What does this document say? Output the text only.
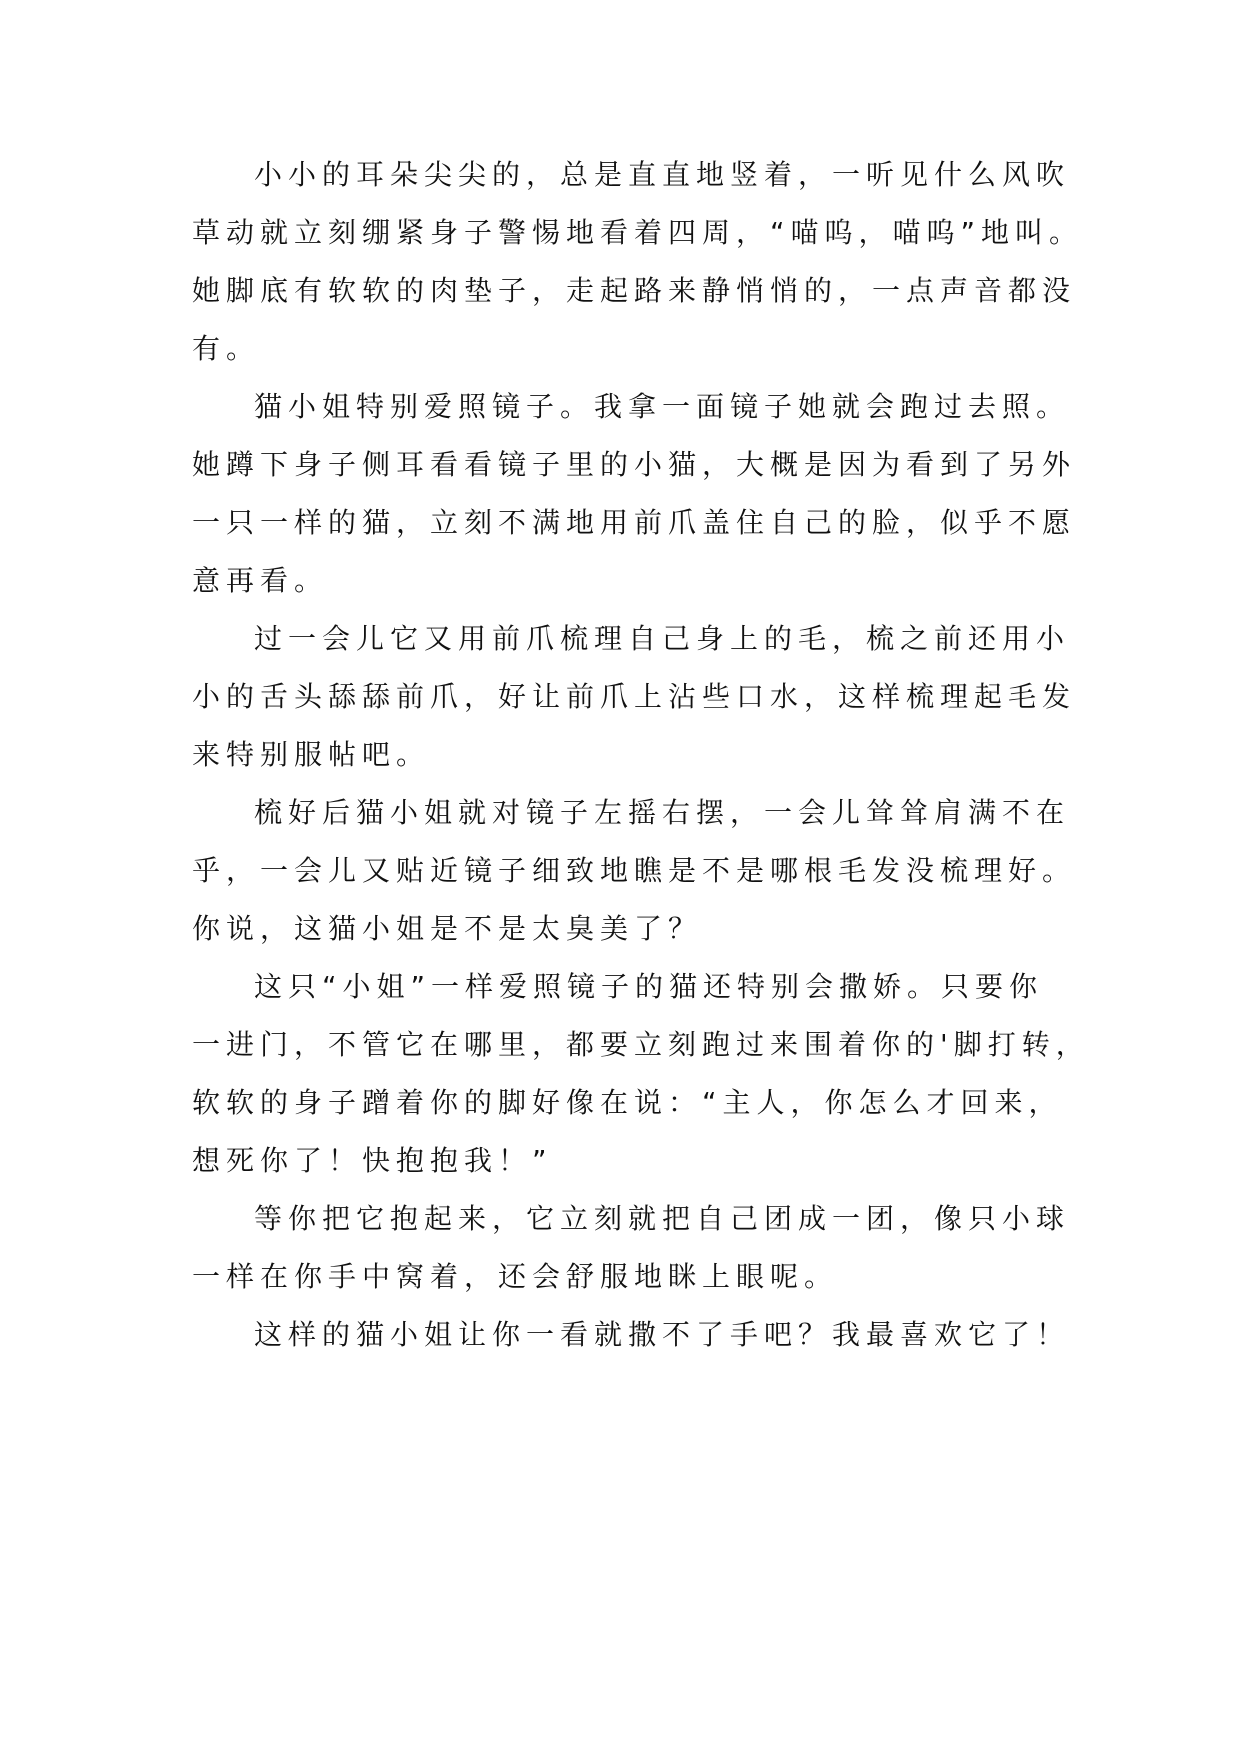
小小的耳朵尖尖的，总是直直地竖着，一听见什么风吹
草动就立刻绷紧身子警惕地看着四周，“喵呜，喵呜”地叫。
她脚底有软软的肉垫子，走起路来静悄悄的，一点声音都没
有。
猫小姐特别爱照镜子。我拿一面镜子她就会跑过去照。
她蹲下身子侧耳看看镜子里的小猫，大概是因为看到了另外
一只一样的猫，立刻不满地用前爪盖住自己的脸，似乎不愿
意再看。
过一会儿它又用前爪梳理自己身上的毛，梳之前还用小
小的舌头舔舔前爪，好让前爪上沾些口水，这样梳理起毛发
来特别服帖吧。
梳好后猫小姐就对镜子左摇右摆，一会儿耸耸肩满不在
乎，一会儿又贴近镜子细致地瞧是不是哪根毛发没梳理好。
你说，这猫小姐是不是太臭美了？
这只“小姐”一样爱照镜子的猫还特别会撒娇。只要你
一进门，不管它在哪里，都要立刻跑过来围着你的'脚打转，
软软的身子蹭着你的脚好像在说：“主人，你怎么才回来，
想死你了！快抱抱我！”
等你把它抱起来，它立刻就把自己团成一团，像只小球
一样在你手中窝着，还会舒服地眯上眼呢。
这样的猫小姐让你一看就撒不了手吧？我最喜欢它了！
